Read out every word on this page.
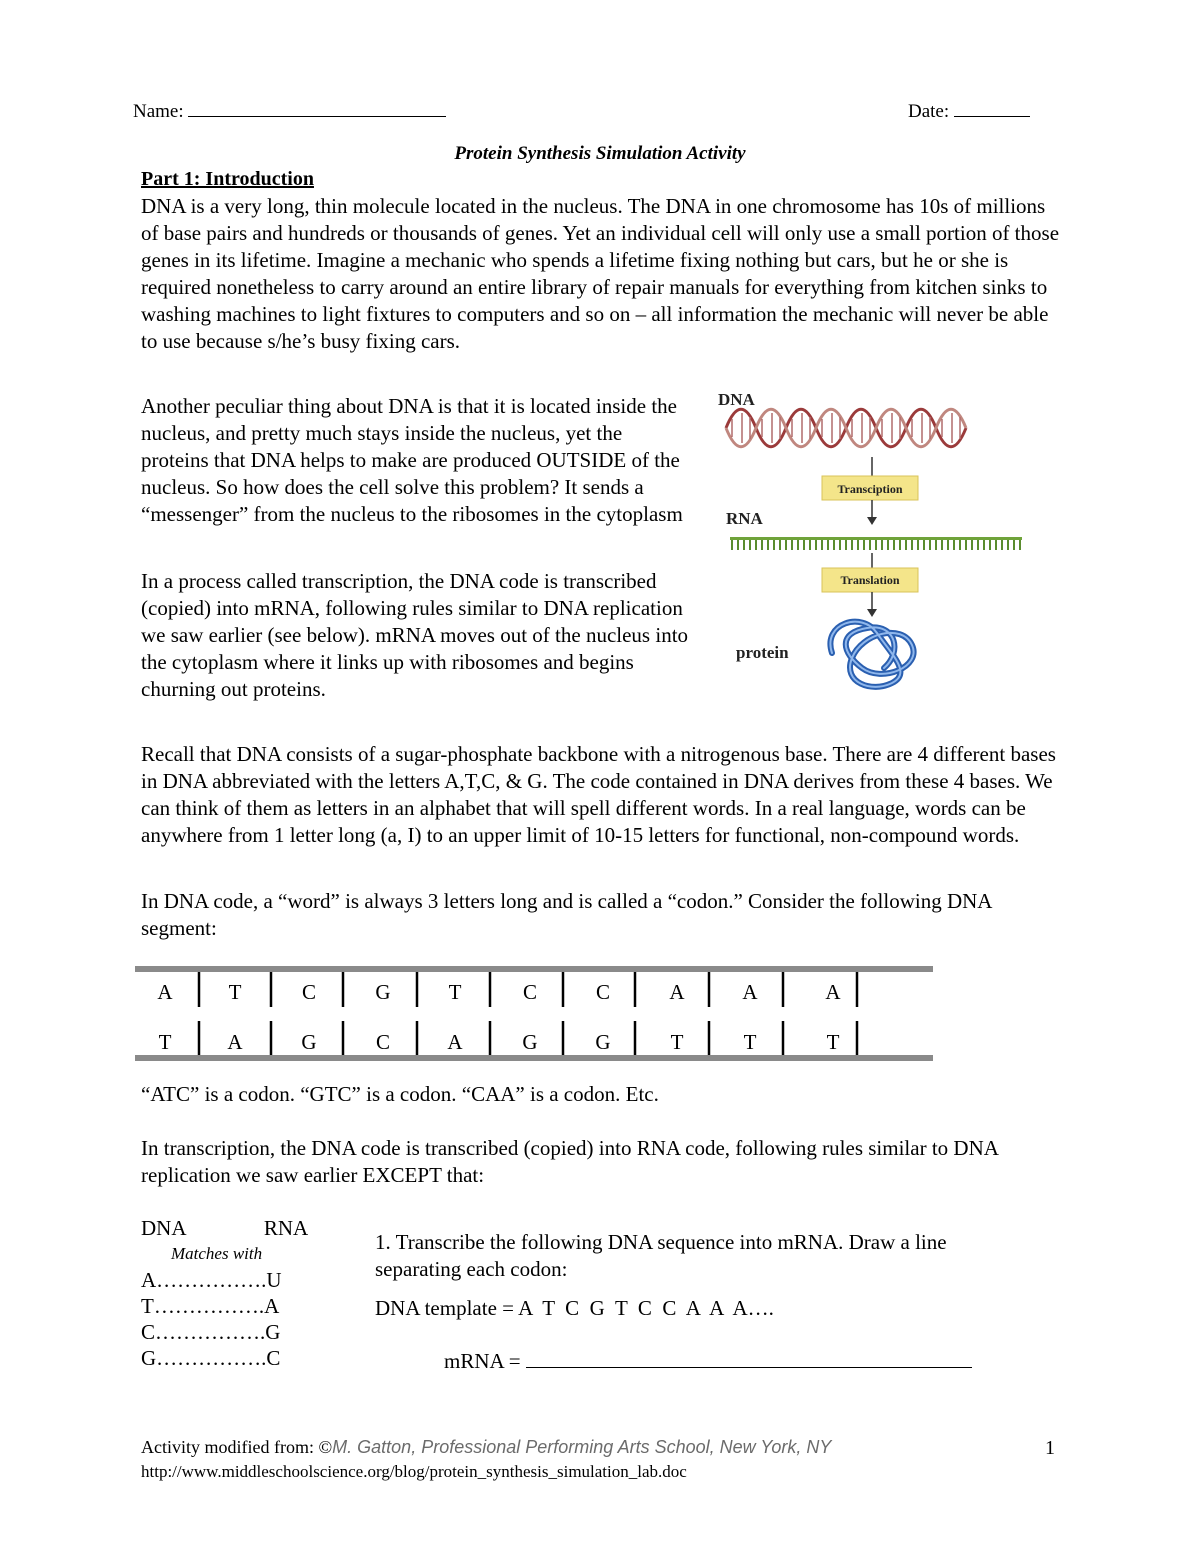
Name:	Date:
Protein Synthesis Simulation Activity
Part 1: Introduction
DNA is a very long, thin molecule located in the nucleus. The DNA in one chromosome has 10s of millions of base pairs and hundreds or thousands of genes. Yet an individual cell will only use a small portion of those genes in its lifetime. Imagine a mechanic who spends a lifetime fixing nothing but cars, but he or she is required nonetheless to carry around an entire library of repair manuals for everything from kitchen sinks to washing machines to light fixtures to computers and so on – all information the mechanic will never be able to use because s/he’s busy fixing cars.
Another peculiar thing about DNA is that it is located inside the nucleus, and pretty much stays inside the nucleus, yet the proteins that DNA helps to make are produced OUTSIDE of the nucleus. So how does the cell solve this problem? It sends a “messenger” from the nucleus to the ribosomes in the cytoplasm
In a process called transcription, the DNA code is transcribed (copied) into mRNA, following rules similar to DNA replication we saw earlier (see below). mRNA moves out of the nucleus into the cytoplasm where it links up with ribosomes and begins churning out proteins.
DNA
Transciption
RNA
Translation
protein
Recall that DNA consists of a sugar-phosphate backbone with a nitrogenous base. There are 4 different bases in DNA abbreviated with the letters A,T,C, & G. The code contained in DNA derives from these 4 bases. We can think of them as letters in an alphabet that will spell different words. In a real language, words can be anywhere from 1 letter long (a, I) to an upper limit of 10-15 letters for functional, non-compound words.
In DNA code, a “word” is always 3 letters long and is called a “codon.” Consider the following DNA segment:
A	T	C	G	T	C	C	A	A	A
T	A	G	C	A	G	G	T	T	T
“ATC” is a codon. “GTC” is a codon. “CAA” is a codon. Etc.
In transcription, the DNA code is transcribed (copied) into RNA code, following rules similar to DNA replication we saw earlier EXCEPT that:
DNA	RNA
Matches with
A…………….U
T…………….A
C…………….G
G…………….C
1. Transcribe the following DNA sequence into mRNA. Draw a line separating each codon:
DNA template = A  T  C  G  T  C  C  A  A  A….
mRNA =
Activity modified from: ©M. Gatton, Professional Performing Arts School, New York, NY
http://www.middleschoolscience.org/blog/protein_synthesis_simulation_lab.doc
1
